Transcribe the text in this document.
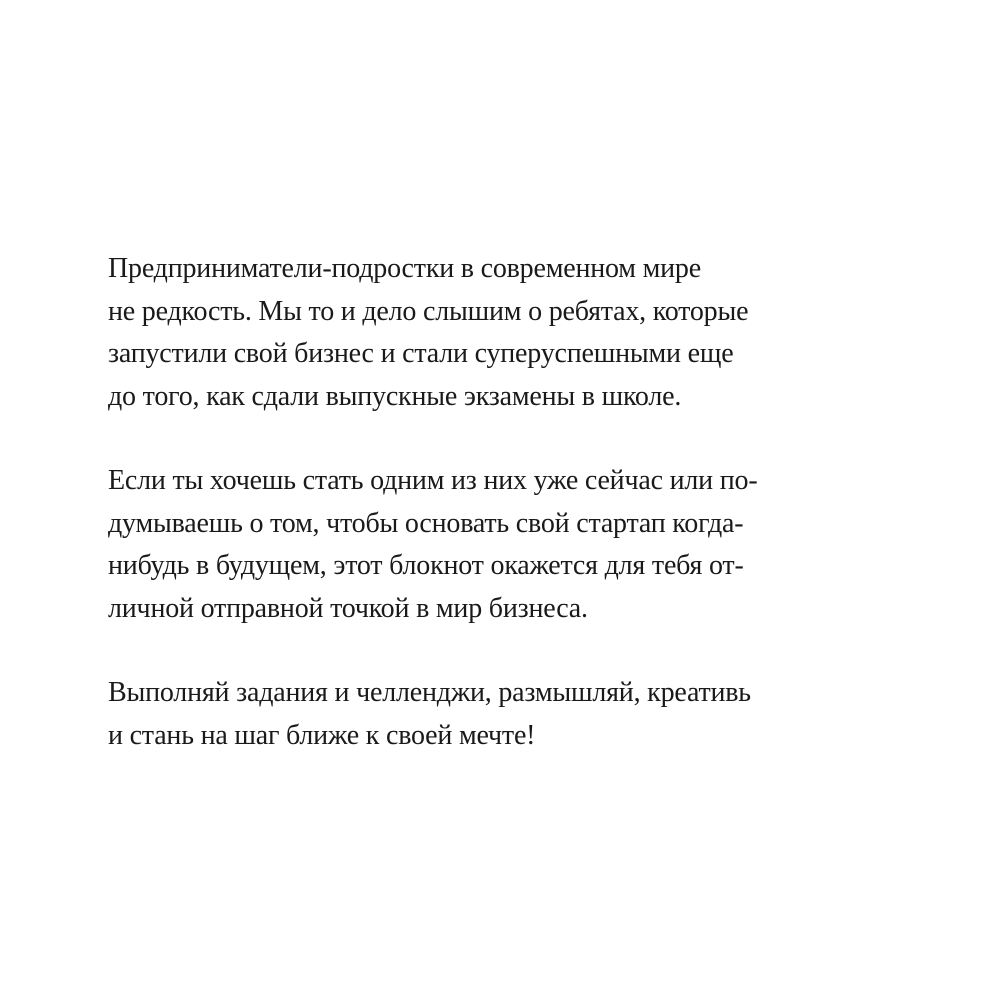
Предприниматели-подростки в современном мире
не редкость. Мы то и дело слышим о ребятах, которые
запустили свой бизнес и стали суперуспешными еще
до того, как сдали выпускные экзамены в школе.

Если ты хочешь стать одним из них уже сейчас или по-
думываешь о том, чтобы основать свой стартап когда-
нибудь в будущем, этот блокнот окажется для тебя от-
личной отправной точкой в мир бизнеса.

Выполняй задания и челленджи, размышляй, креативь
и стань на шаг ближе к своей мечте!
